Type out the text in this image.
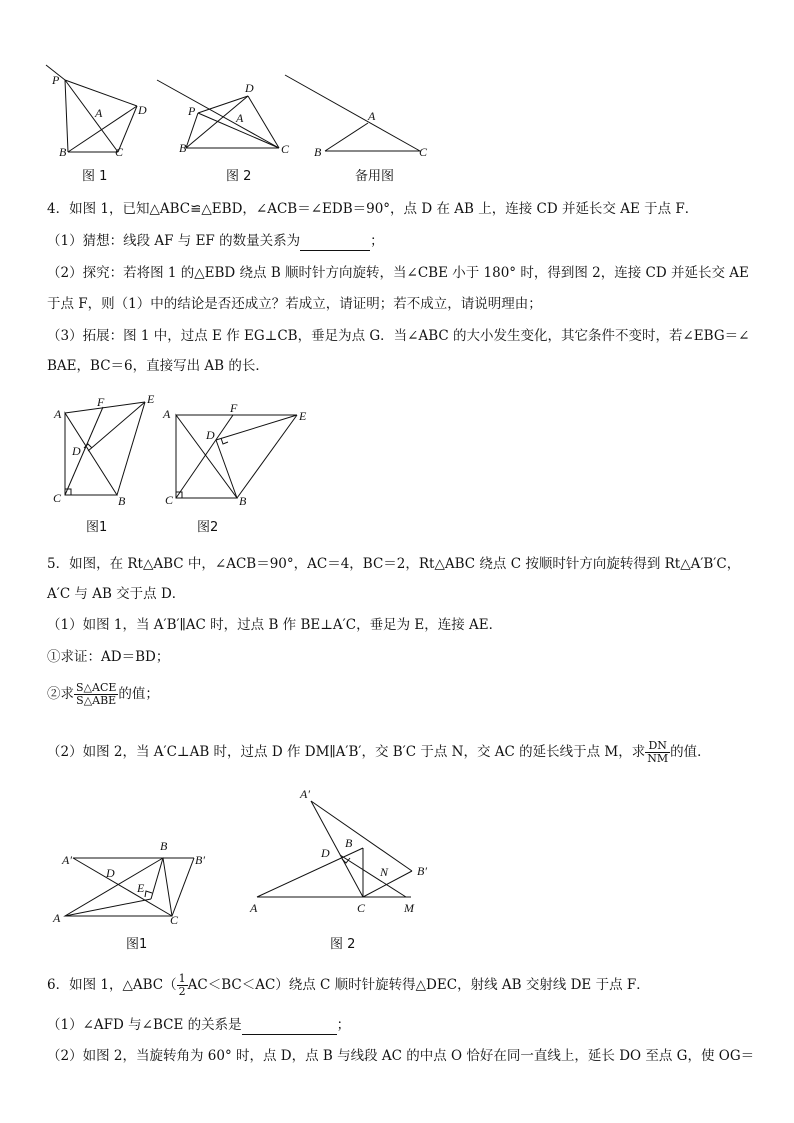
P
A	D
B	C
图 1
P	A
D
B	C
图 2
A
B	C
备用图
4．如图 1，已知△ABC≌△EBD，∠ACB＝∠EDB＝90°，点 D 在 AB 上，连接 CD 并延长交 AE 于点 F．
（1）猜想：线段 AF 与 EF 的数量关系为	；
（2）探究：若将图 1 的△EBD 绕点 B 顺时针方向旋转，当∠CBE 小于 180° 时，得到图 2，连接 CD 并延长交 AE
于点 F，则（1）中的结论是否还成立？若成立，请证明；若不成立，请说明理由；
（3）拓展：图 1 中，过点 E 作 EG⊥CB，垂足为点 G．当∠ABC 的大小发生变化，其它条件不变时，若∠EBG＝∠
BAE，BC＝6，直接写出 AB 的长．
A
F	E
D
C	B
图1
A	F
E
D
C	B
图2
5．如图，在 Rt△ABC 中，∠ACB＝90°，AC＝4，BC＝2，Rt△ABC 绕点 C 按顺时针方向旋转得到 Rt△A′B′C，
A′C 与 AB 交于点 D．
（1）如图 1，当 A′B′∥AC 时，过点 B 作 BE⊥A′C，垂足为 E，连接 AE．
①求证：AD＝BD；
②求 $\frac{\text{S△ACE}}{\text{S△ABE}}$ 的值；
（2）如图 2，当 A′C⊥AB 时，过点 D 作 DM∥A′B′，交 B′C 于点 N，交 AC 的延长线于点 M，求 $\frac{DN}{NM}$ 的值．
A′
B
B′
D
E
A	C
图1
A′
D
B
B′
N
A	C	M
图 2
6．如图 1，△ABC（ $\frac{1}{2} AC<BC<AC$）绕点 C 顺时针旋转得△DEC，射线 AB 交射线 DE 于点 F．
（1）∠AFD 与∠BCE 的关系是	；
（2）如图 2，当旋转角为 60° 时，点 D，点 B 与线段 AC 的中点 O 恰好在同一直线上，延长 DO 至点 G，使 OG＝
